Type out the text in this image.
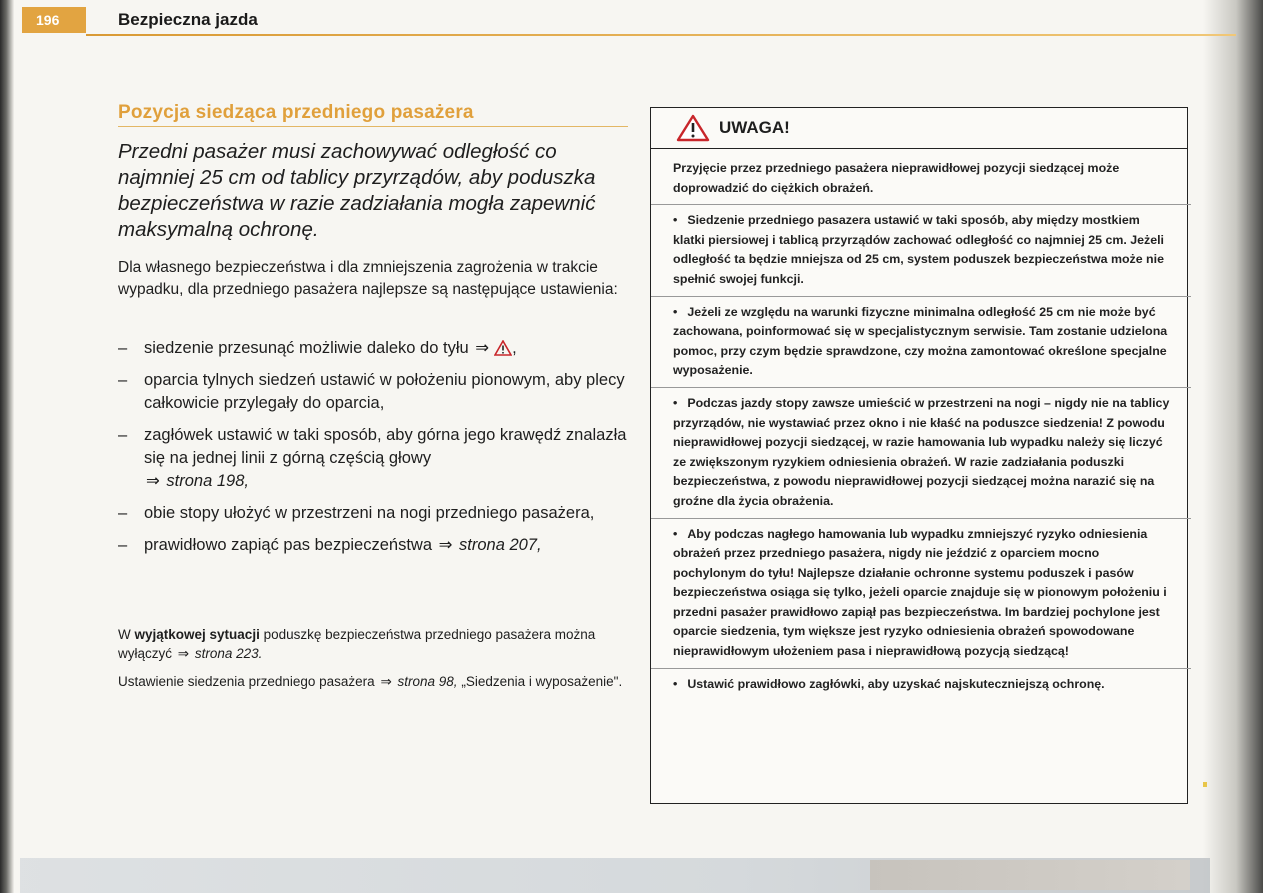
196	Bezpieczna jazda
Pozycja siedząca przedniego pasażera

Przedni pasażer musi zachowywać odległość co najmniej 25 cm od tablicy przyrządów, aby poduszka bezpieczeństwa w razie zadziałania mogła zapewnić maksymalną ochronę.

Dla własnego bezpieczeństwa i dla zmniejszenia zagrożenia w trakcie wypadku, dla przedniego pasażera najlepsze są następujące ustawienia:

– siedzenie przesunąć możliwie daleko do tyłu ⇒ ,
– oparcia tylnych siedzeń ustawić w położeniu pionowym, aby plecy całkowicie przylegały do oparcia,
– zagłówek ustawić w taki sposób, aby górna jego krawędź znalazła się na jednej linii z górną częścią głowy
⇒ strona 198,
– obie stopy ułożyć w przestrzeni na nogi przedniego pasażera,
– prawidłowo zapiąć pas bezpieczeństwa ⇒ strona 207,

W wyjątkowej sytuacji poduszkę bezpieczeństwa przedniego pasażera można wyłączyć ⇒ strona 223.

Ustawienie siedzenia przedniego pasażera ⇒ strona 98, „Siedzenia i wyposażenie".

UWAGA!

Przyjęcie przez przedniego pasażera nieprawidłowej pozycji siedzącej może doprowadzić do ciężkich obrażeń.

• Siedzenie przedniego pasazera ustawić w taki sposób, aby między mostkiem klatki piersiowej i tablicą przyrządów zachować odległość co najmniej 25 cm. Jeżeli odległość ta będzie mniejsza od 25 cm, system poduszek bezpieczeństwa może nie spełnić swojej funkcji.

• Jeżeli ze względu na warunki fizyczne minimalna odległość 25 cm nie może być zachowana, poinformować się w specjalistycznym serwisie. Tam zostanie udzielona pomoc, przy czym będzie sprawdzone, czy można zamontować określone specjalne wyposażenie.

• Podczas jazdy stopy zawsze umieścić w przestrzeni na nogi – nigdy nie na tablicy przyrządów, nie wystawiać przez okno i nie kłaść na poduszce siedzenia! Z powodu nieprawidłowej pozycji siedzącej, w razie hamowania lub wypadku należy się liczyć ze zwiększonym ryzykiem odniesienia obrażeń. W razie zadziałania poduszki bezpieczeństwa, z powodu nieprawidłowej pozycji siedzącej można narazić się na groźne dla życia obrażenia.

• Aby podczas nagłego hamowania lub wypadku zmniejszyć ryzyko odniesienia obrażeń przez przedniego pasażera, nigdy nie jeździć z oparciem mocno pochylonym do tyłu! Najlepsze działanie ochronne systemu poduszek i pasów bezpieczeństwa osiąga się tylko, jeżeli oparcie znajduje się w pionowym położeniu i przedni pasażer prawidłowo zapiął pas bezpieczeństwa. Im bardziej pochylone jest oparcie siedzenia, tym większe jest ryzyko odniesienia obrażeń spowodowane nieprawidłowym ułożeniem pasa i nieprawidłową pozycją siedzącą!

• Ustawić prawidłowo zagłówki, aby uzyskać najskuteczniejszą ochronę.
